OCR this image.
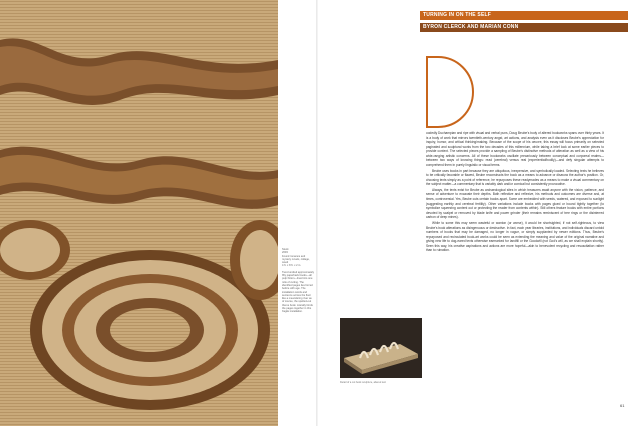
Stuck
2003
Found romance and mystery novels, collage, wood
4 ft. x 8 ft. x 2 in.

Two-hundred approximately fifty paperback books—all pulp fiction—lined into one mile of cutting. The identified pages lies forced before with age. The installation words and sentence across the floor like a meandering river as of course, the spelled-out theme book. Literally binds the pages together in this fragile installation.

TURNING IN ON THE SELF
BYRON CLERCK AND MARIAN CONN

oodedly Duchampian and ripe with visual and verbal puns, Doug Beube's body of altered bookworks spans over thirty years. It is a body of work that mirrors twentieth-century angst, art actions, and analysis even as it discloses Beube's appreciation for inquiry, humor, and critical thinking/making. Because of the scope of his oeuvre, this essay will focus primarily on selected paginated and sculptural works from the two decades of this millennium, while taking a brief look at some earlier pieces to provide context. The selected pieces provide a sampling of Beube's distinctive methods of alteration as well as a view of his wide-ranging artistic concerns. All of these bookworks oscillate precariously between conceptual and corporeal realms—between two ways of knowing things: read (cerebral) versus real (experiential/bodily)—and defy singular attempts to comprehend them in purely linguistic or visual terms.

Beube uses books in part because they are ubiquitous, inexpensive, and symbolically loaded. Selecting texts he believes to be critically favorable or flawed, Beube reconstructs the book as a means to advance or disavow the author's position. Or, choosing texts simply as a point of reference, he repurposes these readymades as a means to make a visual commentary on the subject matter—a commentary that is variably dark and/or comical but consistently provocative.

Always, the texts exist for Beube as archaeological sites in which treasures await anyone with the vision, patience, and sense of adventure to excavate their depths. Both reflective and reflexive, his methods and outcomes are diverse and, at times, controversial. Yes, Beube cuts certain books apart. Some are embedded with seeds, watered, and exposed to sunlight (suggesting earthly and cerebral fertility). Other variations include books with pages glued or bound tightly together (to symbolize squeezing content out or protecting the reader from contents within). Still others feature books with entire portions devoted by scalpel or removed by blade knife and power grinder (their remains reminiscent of tree rings or the disinterred carbon of deep mines).

While to some this may seem wasteful or wanton (or worse), it would be shortsighted, if not self-righteous, to view Beube's book alterations as disingenuous or destructive. In fact, each year libraries, institutions, and individuals discard untold numbers of books that may be damaged, no longer in vogue, or simply supplanted by newer editions. Thus, Beube's repurposed and recirculated book-art works could be seen as extending the meaning and value of the original narrative and giving new life to dog-eared texts otherwise earmarked for landfill or the Goodwill (not God's will, as we shall explain shortly). Seen this way, his creative aspirations and actions are more hopeful—akin to benevolent recycling and resuscitation rather than to ruination.

Detail of a cut book sculpture, altered text
61
